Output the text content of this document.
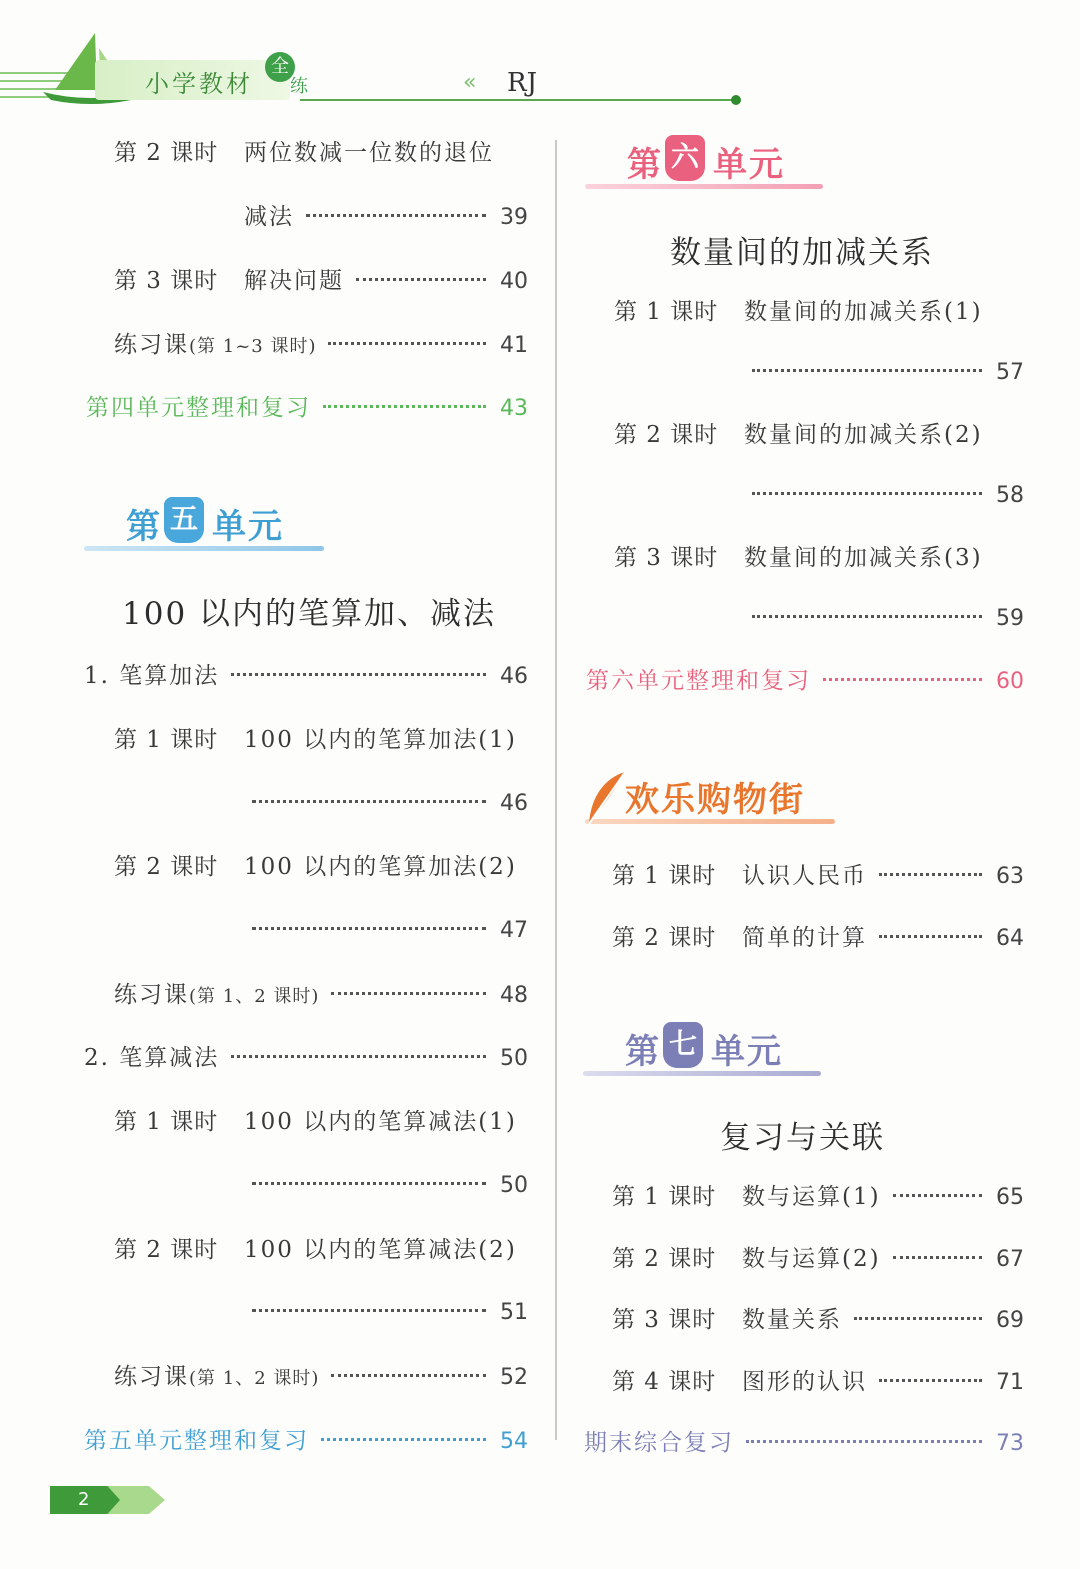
小学教材
全
练	« RJ
第 2 课时	两位数减一位数的退位
减法	39
第 3 课时	解决问题	40
练习课 (第 1~3 课时)	41
第四单元整理和复习	43
第 五 单元
100 以内的笔算加、减法
1. 笔算加法	46
第 1 课时	100 以内的笔算加法(1)
46
第 2 课时	100 以内的笔算加法(2)
47
练习课 (第 1、2 课时)	48
2. 笔算减法	50
第 1 课时	100 以内的笔算减法(1)
50
第 2 课时	100 以内的笔算减法(2)
51
练习课 (第 1、2 课时)	52
第五单元整理和复习	54
第 六 单元
数量间的加减关系
第 1 课时	数量间的加减关系(1)
57
第 2 课时	数量间的加减关系(2)
58
第 3 课时	数量间的加减关系(3)
59
第六单元整理和复习	60
欢乐购物街
第 1 课时	认识人民币	63
第 2 课时	简单的计算	64
第 七 单元
复习与关联
第 1 课时	数与运算(1)	65
第 2 课时	数与运算(2)	67
第 3 课时	数量关系	69
第 4 课时	图形的认识	71
期末综合复习	73
2
